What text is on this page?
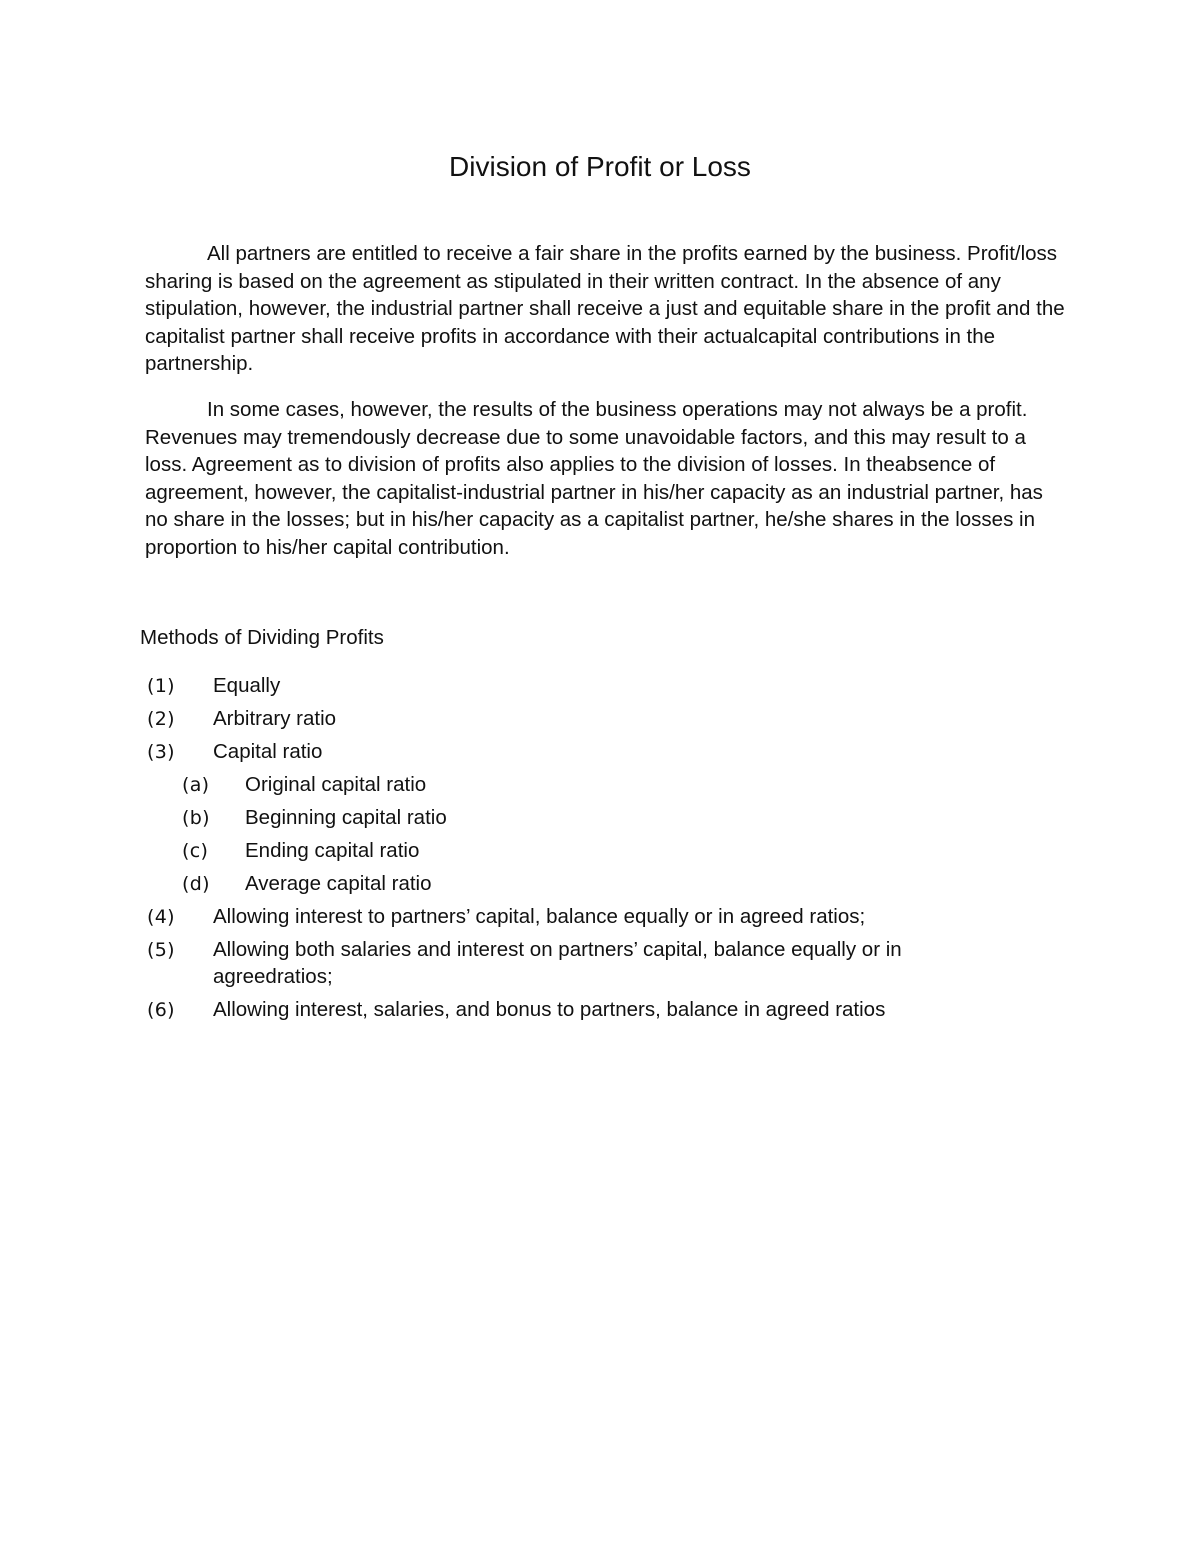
Division of Profit or Loss

All partners are entitled to receive a fair share in the profits earned by the business. Profit/loss sharing is based on the agreement as stipulated in their written contract. In the absence of any stipulation, however, the industrial partner shall receive a just and equitable share in the profit and the capitalist partner shall receive profits in accordance with their actualcapital contributions in the partnership.

In some cases, however, the results of the business operations may not always be a profit. Revenues may tremendously decrease due to some unavoidable factors, and this may result to a loss. Agreement as to division of profits also applies to the division of losses. In theabsence of agreement, however, the capitalist-industrial partner in his/her capacity as an industrial partner, has no share in the losses; but in his/her capacity as a capitalist partner, he/she shares in the losses in proportion to his/her capital contribution.

Methods of Dividing Profits

(1) Equally
(2) Arbitrary ratio
(3) Capital ratio
(a) Original capital ratio
(b) Beginning capital ratio
(c) Ending capital ratio
(d) Average capital ratio
(4) Allowing interest to partners’ capital, balance equally or in agreed ratios;
(5) Allowing both salaries and interest on partners’ capital, balance equally or in agreedratios;
(6) Allowing interest, salaries, and bonus to partners, balance in agreed ratios
